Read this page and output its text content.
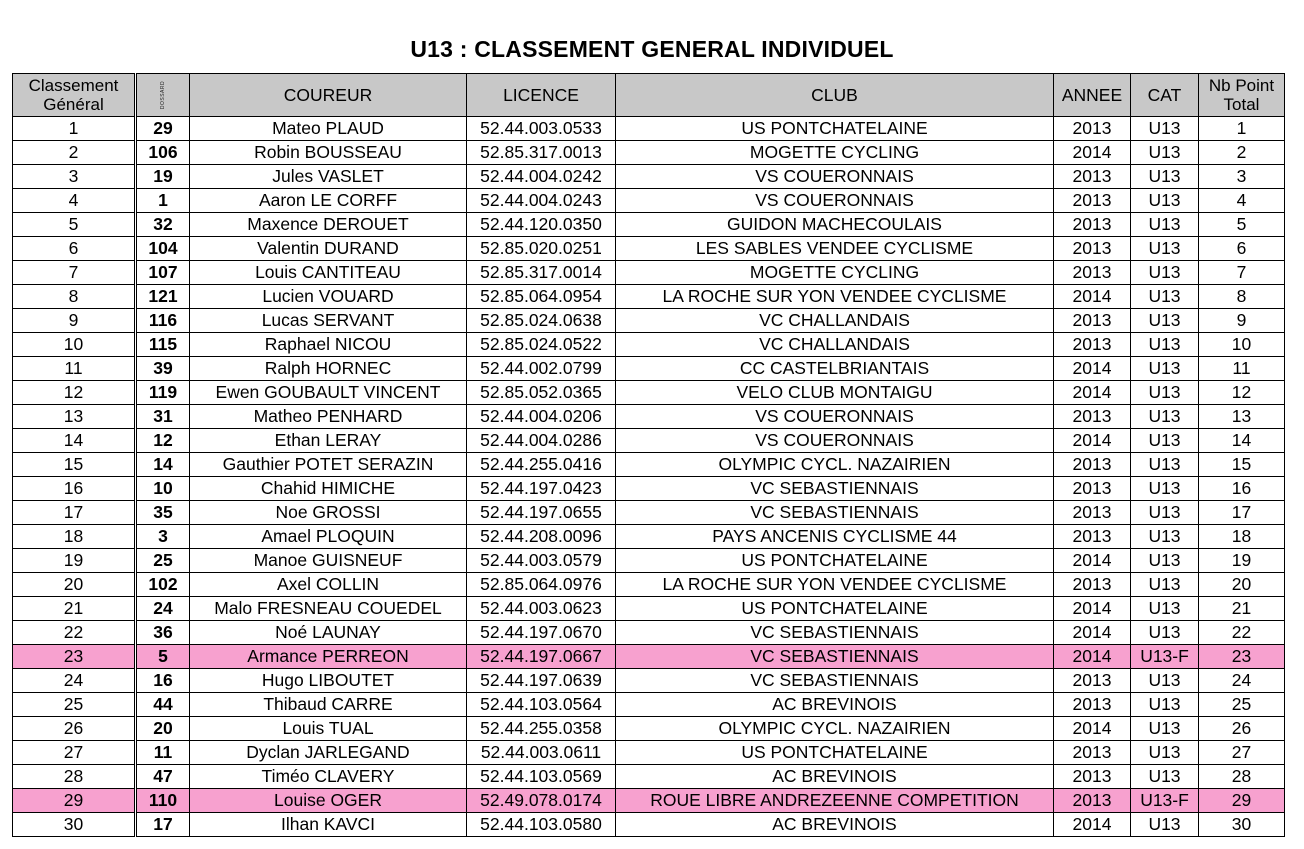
U13 : CLASSEMENT GENERAL INDIVIDUEL
Classement
Général	DOSSARD	COUREUR	LICENCE	CLUB	ANNEE	CAT	Nb Point
Total
1	29	Mateo PLAUD	52.44.003.0533	US PONTCHATELAINE	2013	U13	1
2	106	Robin BOUSSEAU	52.85.317.0013	MOGETTE CYCLING	2014	U13	2
3	19	Jules VASLET	52.44.004.0242	VS COUERONNAIS	2013	U13	3
4	1	Aaron LE CORFF	52.44.004.0243	VS COUERONNAIS	2013	U13	4
5	32	Maxence DEROUET	52.44.120.0350	GUIDON MACHECOULAIS	2013	U13	5
6	104	Valentin DURAND	52.85.020.0251	LES SABLES VENDEE CYCLISME	2013	U13	6
7	107	Louis CANTITEAU	52.85.317.0014	MOGETTE CYCLING	2013	U13	7
8	121	Lucien VOUARD	52.85.064.0954	LA ROCHE SUR YON VENDEE CYCLISME	2014	U13	8
9	116	Lucas SERVANT	52.85.024.0638	VC CHALLANDAIS	2013	U13	9
10	115	Raphael NICOU	52.85.024.0522	VC CHALLANDAIS	2013	U13	10
11	39	Ralph HORNEC	52.44.002.0799	CC CASTELBRIANTAIS	2014	U13	11
12	119	Ewen GOUBAULT VINCENT	52.85.052.0365	VELO CLUB MONTAIGU	2014	U13	12
13	31	Matheo PENHARD	52.44.004.0206	VS COUERONNAIS	2013	U13	13
14	12	Ethan LERAY	52.44.004.0286	VS COUERONNAIS	2014	U13	14
15	14	Gauthier POTET SERAZIN	52.44.255.0416	OLYMPIC CYCL. NAZAIRIEN	2013	U13	15
16	10	Chahid HIMICHE	52.44.197.0423	VC SEBASTIENNAIS	2013	U13	16
17	35	Noe GROSSI	52.44.197.0655	VC SEBASTIENNAIS	2013	U13	17
18	3	Amael PLOQUIN	52.44.208.0096	PAYS ANCENIS CYCLISME 44	2013	U13	18
19	25	Manoe GUISNEUF	52.44.003.0579	US PONTCHATELAINE	2014	U13	19
20	102	Axel COLLIN	52.85.064.0976	LA ROCHE SUR YON VENDEE CYCLISME	2013	U13	20
21	24	Malo FRESNEAU COUEDEL	52.44.003.0623	US PONTCHATELAINE	2014	U13	21
22	36	Noé LAUNAY	52.44.197.0670	VC SEBASTIENNAIS	2014	U13	22
23	5	Armance PERREON	52.44.197.0667	VC SEBASTIENNAIS	2014	U13-F	23
24	16	Hugo LIBOUTET	52.44.197.0639	VC SEBASTIENNAIS	2013	U13	24
25	44	Thibaud CARRE	52.44.103.0564	AC BREVINOIS	2013	U13	25
26	20	Louis TUAL	52.44.255.0358	OLYMPIC CYCL. NAZAIRIEN	2014	U13	26
27	11	Dyclan JARLEGAND	52.44.003.0611	US PONTCHATELAINE	2013	U13	27
28	47	Timéo CLAVERY	52.44.103.0569	AC BREVINOIS	2013	U13	28
29	110	Louise OGER	52.49.078.0174	ROUE LIBRE ANDREZEENNE COMPETITION	2013	U13-F	29
30	17	Ilhan KAVCI	52.44.103.0580	AC BREVINOIS	2014	U13	30
